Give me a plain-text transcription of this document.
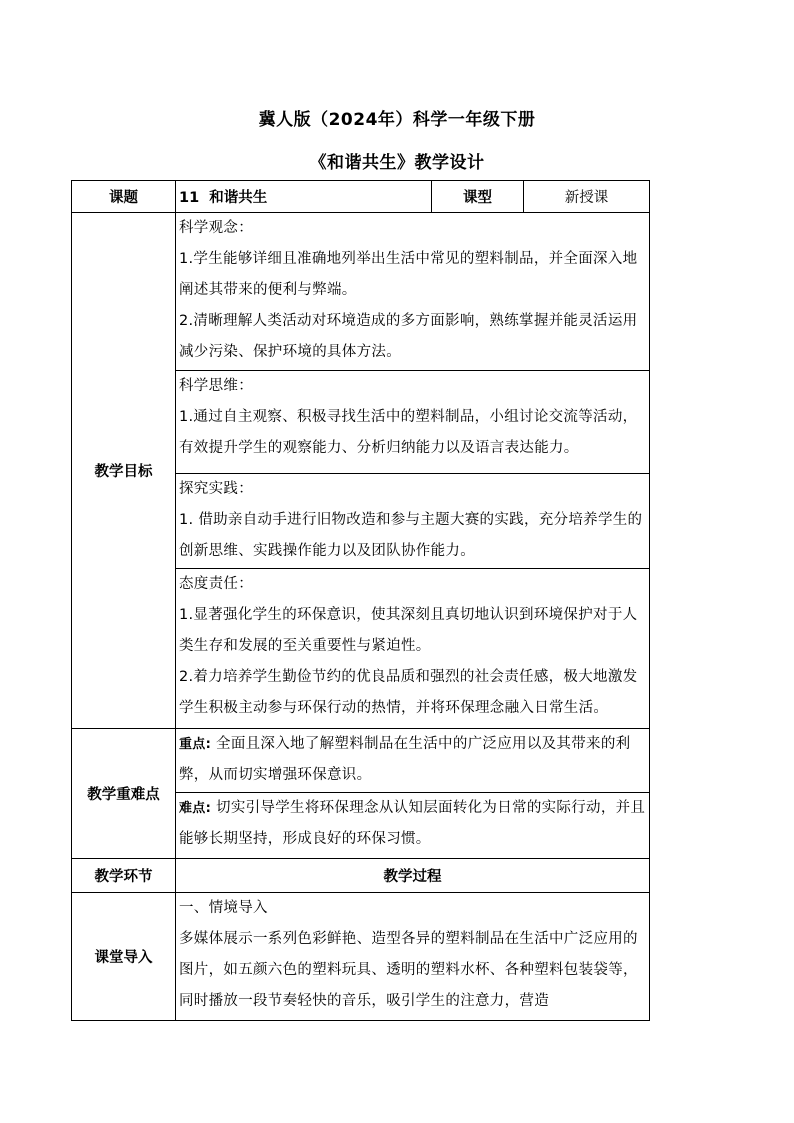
冀人版（2024年）科学一年级下册
《和谐共生》教学设计
课题	11  和谐共生	课型	新授课
教学目标	科学观念：

1.学生能够详细且准确地列举出生活中常见的塑料制品，并全面深入地阐述其带来的便利与弊端。

2.清晰理解人类活动对环境造成的多方面影响，熟练掌握并能灵活运用减少污染、保护环境的具体方法。		

	科学思维：

1.通过自主观察、积极寻找生活中的塑料制品，小组讨论交流等活动，有效提升学生的观察能力、分析归纳能力以及语言表达能力。		

	探究实践：

1. 借助亲自动手进行旧物改造和参与主题大赛的实践，充分培养学生的创新思维、实践操作能力以及团队协作能力。		

	态度责任：

1.显著强化学生的环保意识，使其深刻且真切地认识到环境保护对于人类生存和发展的至关重要性与紧迫性。

2.着力培养学生勤俭节约的优良品质和强烈的社会责任感，极大地激发学生积极主动参与环保行动的热情，并将环保理念融入日常生活。		

教学重难点	重点: 全面且深入地了解塑料制品在生活中的广泛应用以及其带来的利弊，从而切实增强环保意识。		
	难点: 切实引导学生将环保理念从认知层面转化为日常的实际行动，并且能够长期坚持，形成良好的环保习惯。		
教学环节	教学过程		
课堂导入	一、情境导入

多媒体展示一系列色彩鲜艳、造型各异的塑料制品在生活中广泛应用的图片，如五颜六色的塑料玩具、透明的塑料水杯、各种塑料包装袋等，同时播放一段节奏轻快的音乐，吸引学生的注意力，营造		
